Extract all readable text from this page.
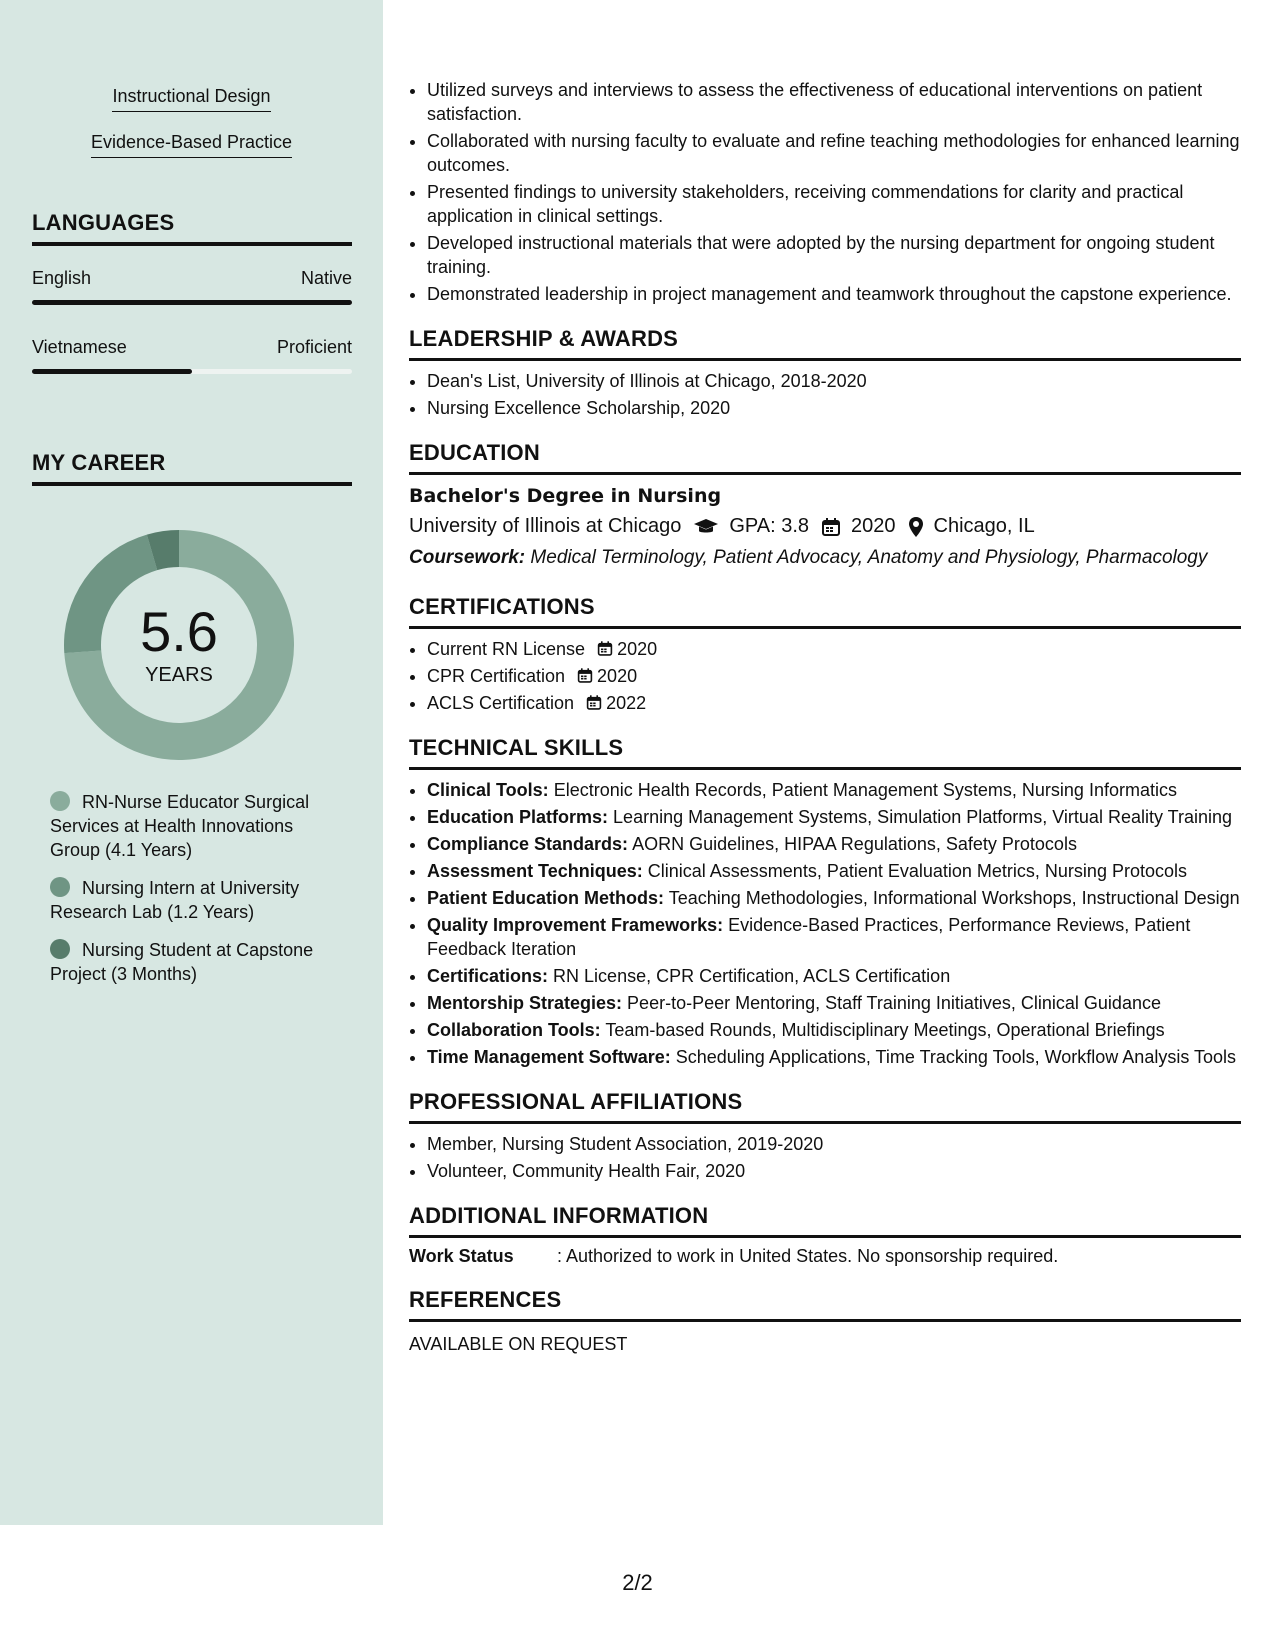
Instructional Design
Evidence-Based Practice
LANGUAGES
English	Native
Vietnamese	Proficient
MY CAREER
5.6
YEARS
RN-Nurse Educator Surgical Services at Health Innovations Group (4.1 Years)
Nursing Intern at University Research Lab (1.2 Years)
Nursing Student at Capstone Project (3 Months)
• Utilized surveys and interviews to assess the effectiveness of educational interventions on patient satisfaction.
• Collaborated with nursing faculty to evaluate and refine teaching methodologies for enhanced learning outcomes.
• Presented findings to university stakeholders, receiving commendations for clarity and practical application in clinical settings.
• Developed instructional materials that were adopted by the nursing department for ongoing student training.
• Demonstrated leadership in project management and teamwork throughout the capstone experience.
LEADERSHIP & AWARDS
• Dean's List, University of Illinois at Chicago, 2018-2020
• Nursing Excellence Scholarship, 2020
EDUCATION
Bachelor's Degree in Nursing
University of Illinois at Chicago GPA: 3.8 2020 Chicago, IL
Coursework: Medical Terminology, Patient Advocacy, Anatomy and Physiology, Pharmacology
CERTIFICATIONS
• Current RN License 2020
• CPR Certification 2020
• ACLS Certification 2022
TECHNICAL SKILLS
• Clinical Tools: Electronic Health Records, Patient Management Systems, Nursing Informatics
• Education Platforms: Learning Management Systems, Simulation Platforms, Virtual Reality Training
• Compliance Standards: AORN Guidelines, HIPAA Regulations, Safety Protocols
• Assessment Techniques: Clinical Assessments, Patient Evaluation Metrics, Nursing Protocols
• Patient Education Methods: Teaching Methodologies, Informational Workshops, Instructional Design
• Quality Improvement Frameworks: Evidence-Based Practices, Performance Reviews, Patient Feedback Iteration
• Certifications: RN License, CPR Certification, ACLS Certification
• Mentorship Strategies: Peer-to-Peer Mentoring, Staff Training Initiatives, Clinical Guidance
• Collaboration Tools: Team-based Rounds, Multidisciplinary Meetings, Operational Briefings
• Time Management Software: Scheduling Applications, Time Tracking Tools, Workflow Analysis Tools
PROFESSIONAL AFFILIATIONS
• Member, Nursing Student Association, 2019-2020
• Volunteer, Community Health Fair, 2020
ADDITIONAL INFORMATION
Work Status : Authorized to work in United States. No sponsorship required.
REFERENCES
AVAILABLE ON REQUEST
2/2
